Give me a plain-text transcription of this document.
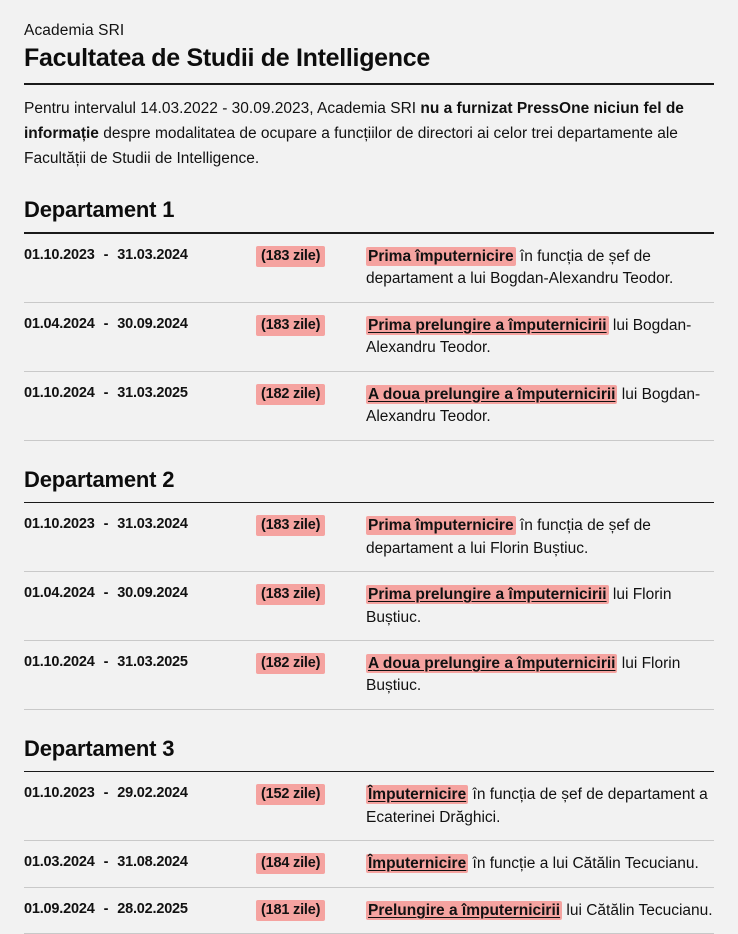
Academia SRI
Facultatea de Studii de Intelligence

Pentru intervalul 14.03.2022 - 30.09.2023, Academia SRI nu a furnizat PressOne niciun fel de informație despre modalitatea de ocupare a funcțiilor de directori ai celor trei departamente ale Facultății de Studii de Intelligence.

Departament 1
01.10.2023 - 31.03.2024	(183 zile)	Prima împuternicire în funcția de șef de departament a lui Bogdan-Alexandru Teodor.
01.04.2024 - 30.09.2024	(183 zile)	Prima prelungire a împuternicirii lui Bogdan-Alexandru Teodor.
01.10.2024 - 31.03.2025	(182 zile)	A doua prelungire a împuternicirii lui Bogdan-Alexandru Teodor.
Departament 2
01.10.2023 - 31.03.2024	(183 zile)	Prima împuternicire în funcția de șef de departament a lui Florin Buștiuc.
01.04.2024 - 30.09.2024	(183 zile)	Prima prelungire a împuternicirii lui Florin Buștiuc.
01.10.2024 - 31.03.2025	(182 zile)	A doua prelungire a împuternicirii lui Florin Buștiuc.
Departament 3
01.10.2023 - 29.02.2024	(152 zile)	Împuternicire în funcția de șef de departament a Ecaterinei Drăghici.
01.03.2024 - 31.08.2024	(184 zile)	Împuternicire în funcție a lui Cătălin Tecucianu.
01.09.2024 - 28.02.2025	(181 zile)	Prelungire a împuternicirii lui Cătălin Tecucianu.
